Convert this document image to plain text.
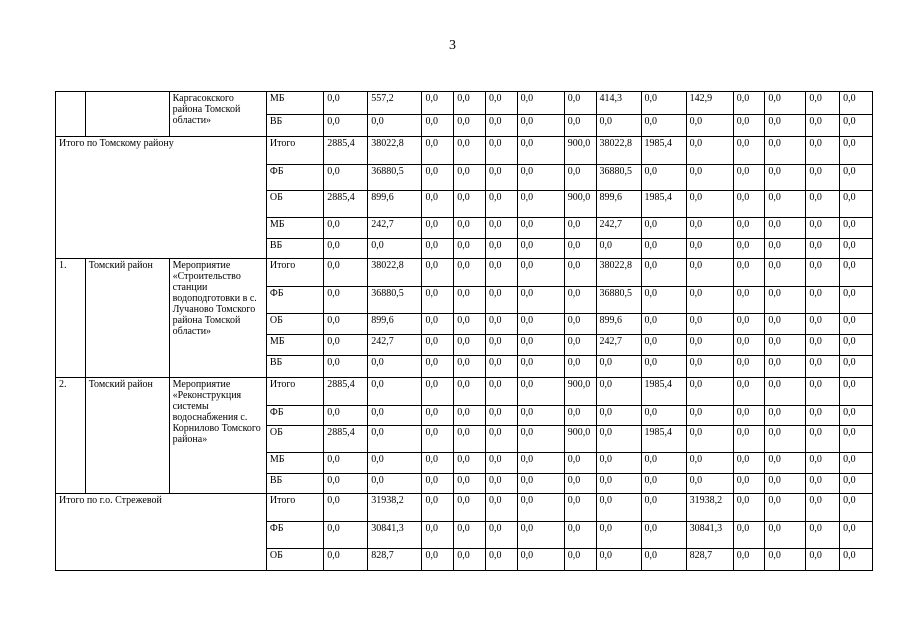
3
		Каргасокского района Томской области»	МБ	0,0	557,2	0,0	0,0	0,0	0,0	0,0	414,3	0,0	142,9	0,0	0,0	0,0	0,0
			ВБ	0,0	0,0	0,0	0,0	0,0	0,0	0,0	0,0	0,0	0,0	0,0	0,0	0,0	0,0
Итого по Томскому району			Итого	2885,4	38022,8	0,0	0,0	0,0	0,0	900,0	38022,8	1985,4	0,0	0,0	0,0	0,0	0,0
			ФБ	0,0	36880,5	0,0	0,0	0,0	0,0	0,0	36880,5	0,0	0,0	0,0	0,0	0,0	0,0
			ОБ	2885,4	899,6	0,0	0,0	0,0	0,0	900,0	899,6	1985,4	0,0	0,0	0,0	0,0	0,0
			МБ	0,0	242,7	0,0	0,0	0,0	0,0	0,0	242,7	0,0	0,0	0,0	0,0	0,0	0,0
			ВБ	0,0	0,0	0,0	0,0	0,0	0,0	0,0	0,0	0,0	0,0	0,0	0,0	0,0	0,0
1.	Томский район	Мероприятие «Строительство станции водоподготовки в с. Лучаново Томского района Томской области»	Итого	0,0	38022,8	0,0	0,0	0,0	0,0	0,0	38022,8	0,0	0,0	0,0	0,0	0,0	0,0
			ФБ	0,0	36880,5	0,0	0,0	0,0	0,0	0,0	36880,5	0,0	0,0	0,0	0,0	0,0	0,0
			ОБ	0,0	899,6	0,0	0,0	0,0	0,0	0,0	899,6	0,0	0,0	0,0	0,0	0,0	0,0
			МБ	0,0	242,7	0,0	0,0	0,0	0,0	0,0	242,7	0,0	0,0	0,0	0,0	0,0	0,0
			ВБ	0,0	0,0	0,0	0,0	0,0	0,0	0,0	0,0	0,0	0,0	0,0	0,0	0,0	0,0
2.	Томский район	Мероприятие «Реконструкция системы водоснабжения с. Корнилово Томского района»	Итого	2885,4	0,0	0,0	0,0	0,0	0,0	900,0	0,0	1985,4	0,0	0,0	0,0	0,0	0,0
			ФБ	0,0	0,0	0,0	0,0	0,0	0,0	0,0	0,0	0,0	0,0	0,0	0,0	0,0	0,0
			ОБ	2885,4	0,0	0,0	0,0	0,0	0,0	900,0	0,0	1985,4	0,0	0,0	0,0	0,0	0,0
			МБ	0,0	0,0	0,0	0,0	0,0	0,0	0,0	0,0	0,0	0,0	0,0	0,0	0,0	0,0
			ВБ	0,0	0,0	0,0	0,0	0,0	0,0	0,0	0,0	0,0	0,0	0,0	0,0	0,0	0,0
Итого по г.о. Стрежевой			Итого	0,0	31938,2	0,0	0,0	0,0	0,0	0,0	0,0	0,0	31938,2	0,0	0,0	0,0	0,0
			ФБ	0,0	30841,3	0,0	0,0	0,0	0,0	0,0	0,0	0,0	30841,3	0,0	0,0	0,0	0,0
			ОБ	0,0	828,7	0,0	0,0	0,0	0,0	0,0	0,0	0,0	828,7	0,0	0,0	0,0	0,0
